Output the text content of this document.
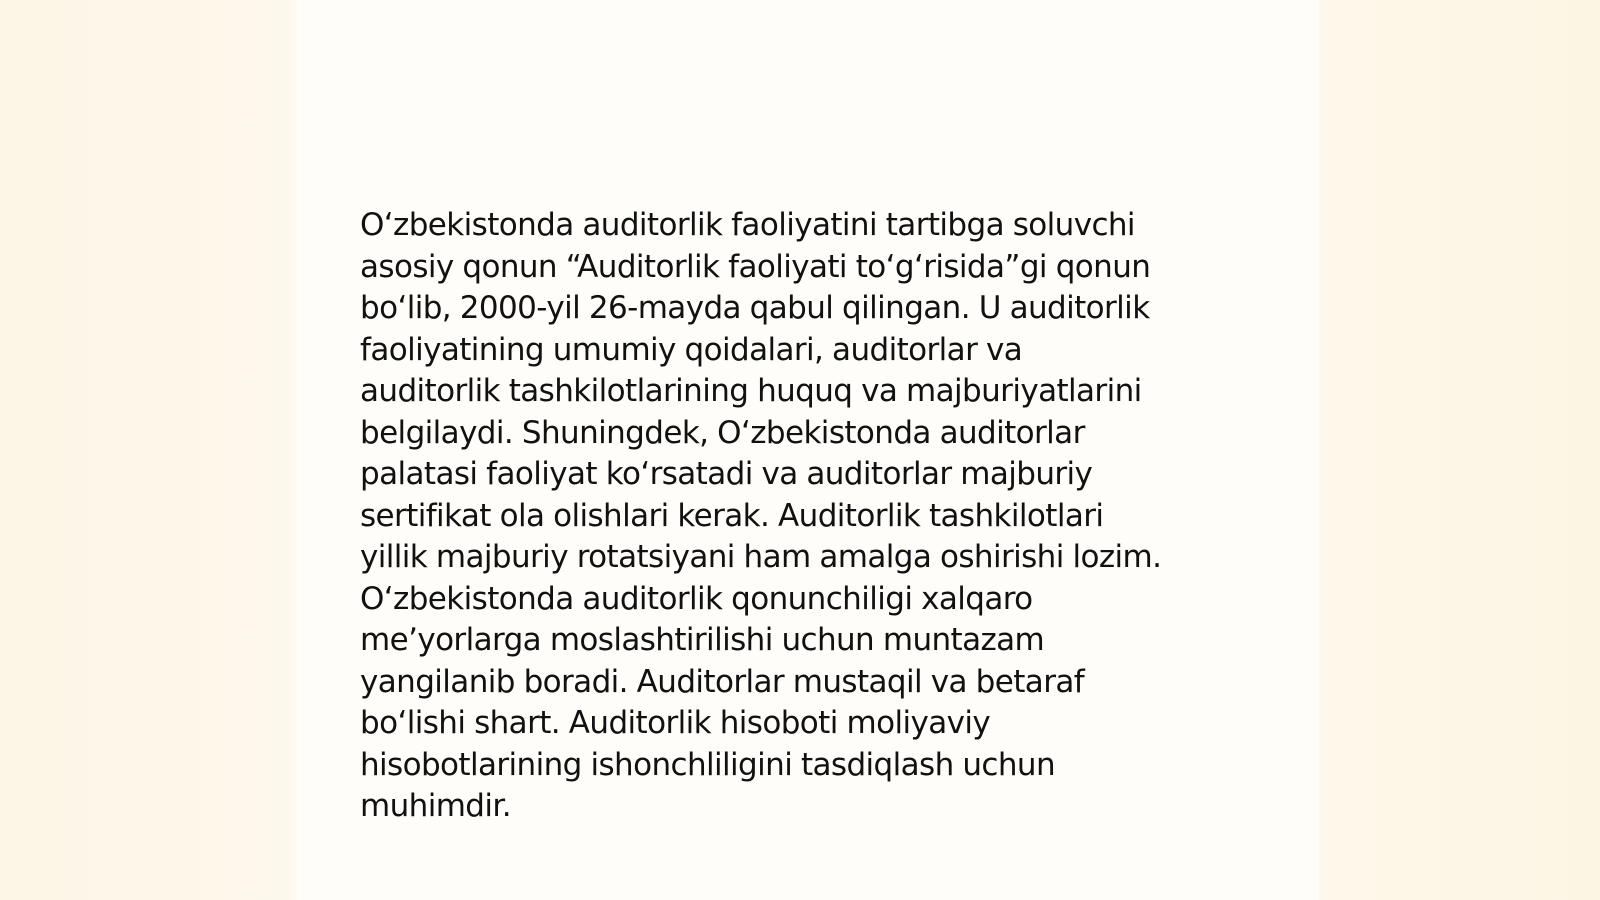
O‘zbekistonda auditorlik faoliyatini tartibga soluvchi
asosiy qonun “Auditorlik faoliyati to‘g‘risida”gi qonun
bo‘lib, 2000-yil 26-mayda qabul qilingan. U auditorlik
faoliyatining umumiy qoidalari, auditorlar va
auditorlik tashkilotlarining huquq va majburiyatlarini
belgilaydi. Shuningdek, O‘zbekistonda auditorlar
palatasi faoliyat ko‘rsatadi va auditorlar majburiy
sertifikat ola olishlari kerak. Auditorlik tashkilotlari
yillik majburiy rotatsiyani ham amalga oshirishi lozim.
O‘zbekistonda auditorlik qonunchiligi xalqaro
me’yorlarga moslashtirilishi uchun muntazam
yangilanib boradi. Auditorlar mustaqil va betaraf
bo‘lishi shart. Auditorlik hisoboti moliyaviy
hisobotlarining ishonchliligini tasdiqlash uchun
muhimdir.
